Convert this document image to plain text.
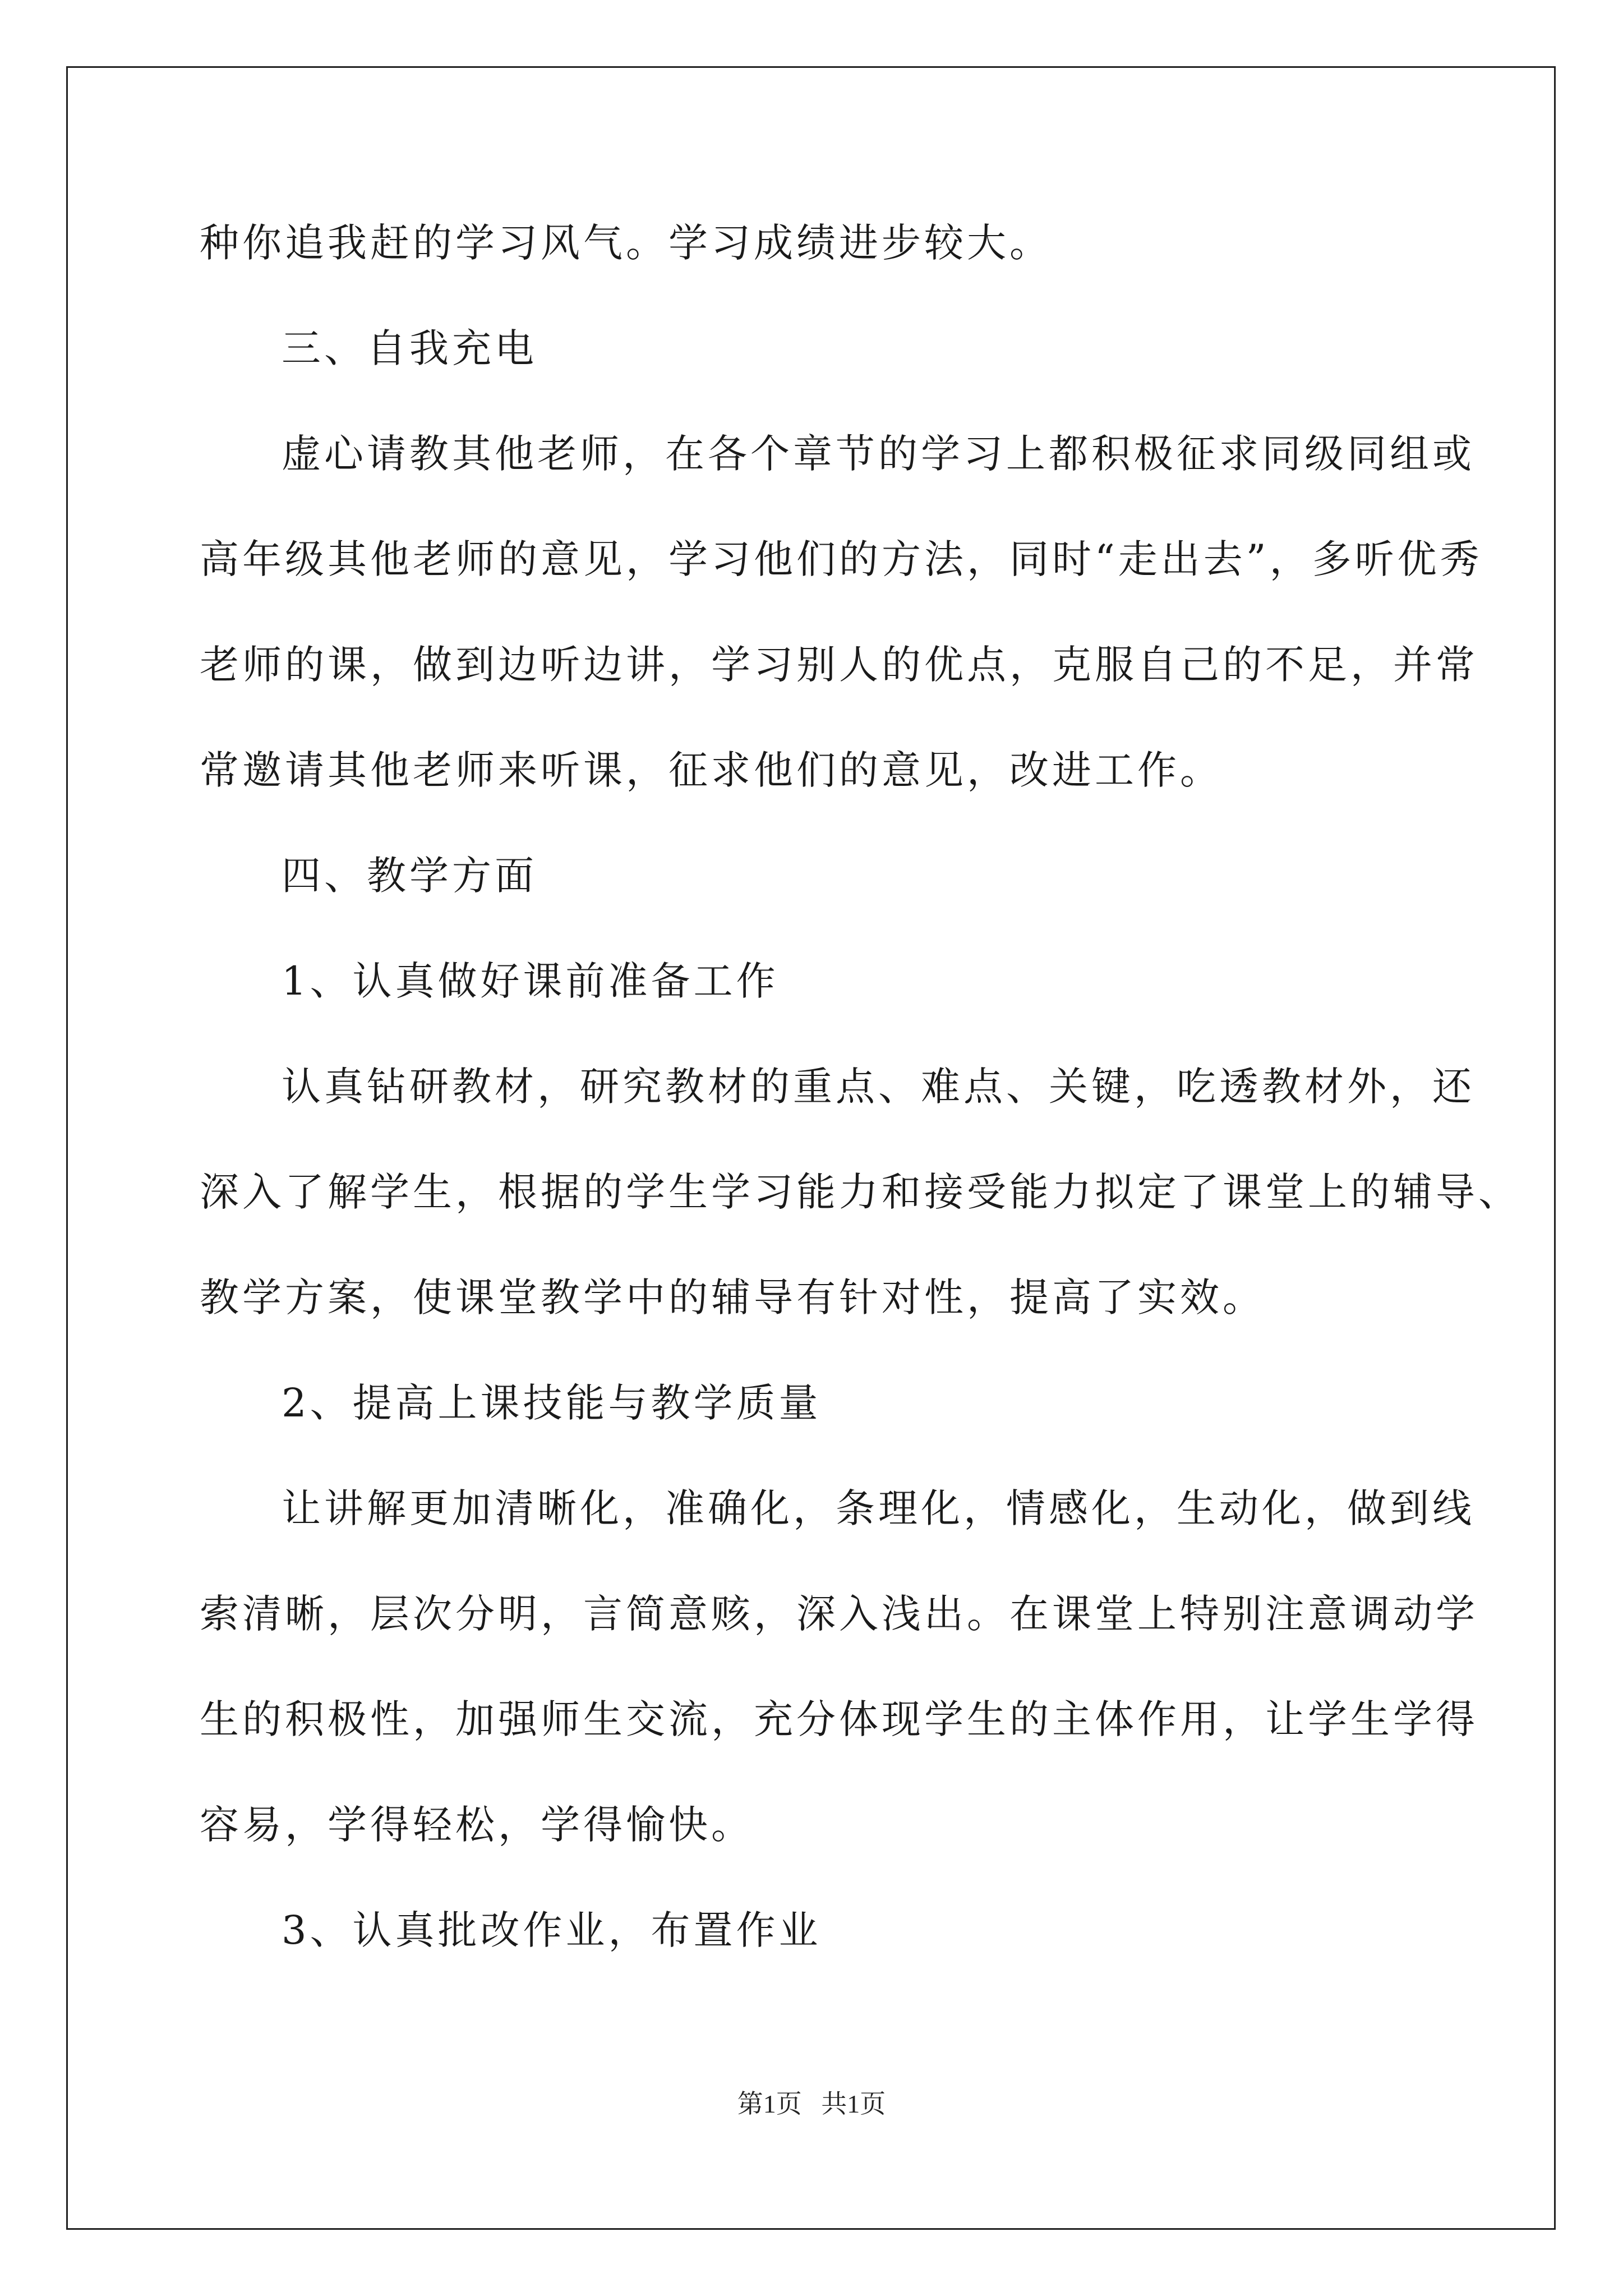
种你追我赶的学习风气。学习成绩进步较大。
三、自我充电
虚心请教其他老师，在各个章节的学习上都积极征求同级同组或
高年级其他老师的意见，学习他们的方法，同时“走出去”，多听优秀
老师的课，做到边听边讲，学习别人的优点，克服自己的不足，并常
常邀请其他老师来听课，征求他们的意见，改进工作。
四、教学方面
1、认真做好课前准备工作
认真钻研教材，研究教材的重点、难点、关键，吃透教材外，还
深入了解学生，根据的学生学习能力和接受能力拟定了课堂上的辅导、
教学方案，使课堂教学中的辅导有针对性，提高了实效。
2、提高上课技能与教学质量
让讲解更加清晰化，准确化，条理化，情感化，生动化，做到线
索清晰，层次分明，言简意赅，深入浅出。在课堂上特别注意调动学
生的积极性，加强师生交流，充分体现学生的主体作用，让学生学得
容易，学得轻松，学得愉快。
3、认真批改作业，布置作业
第1页 共1页
